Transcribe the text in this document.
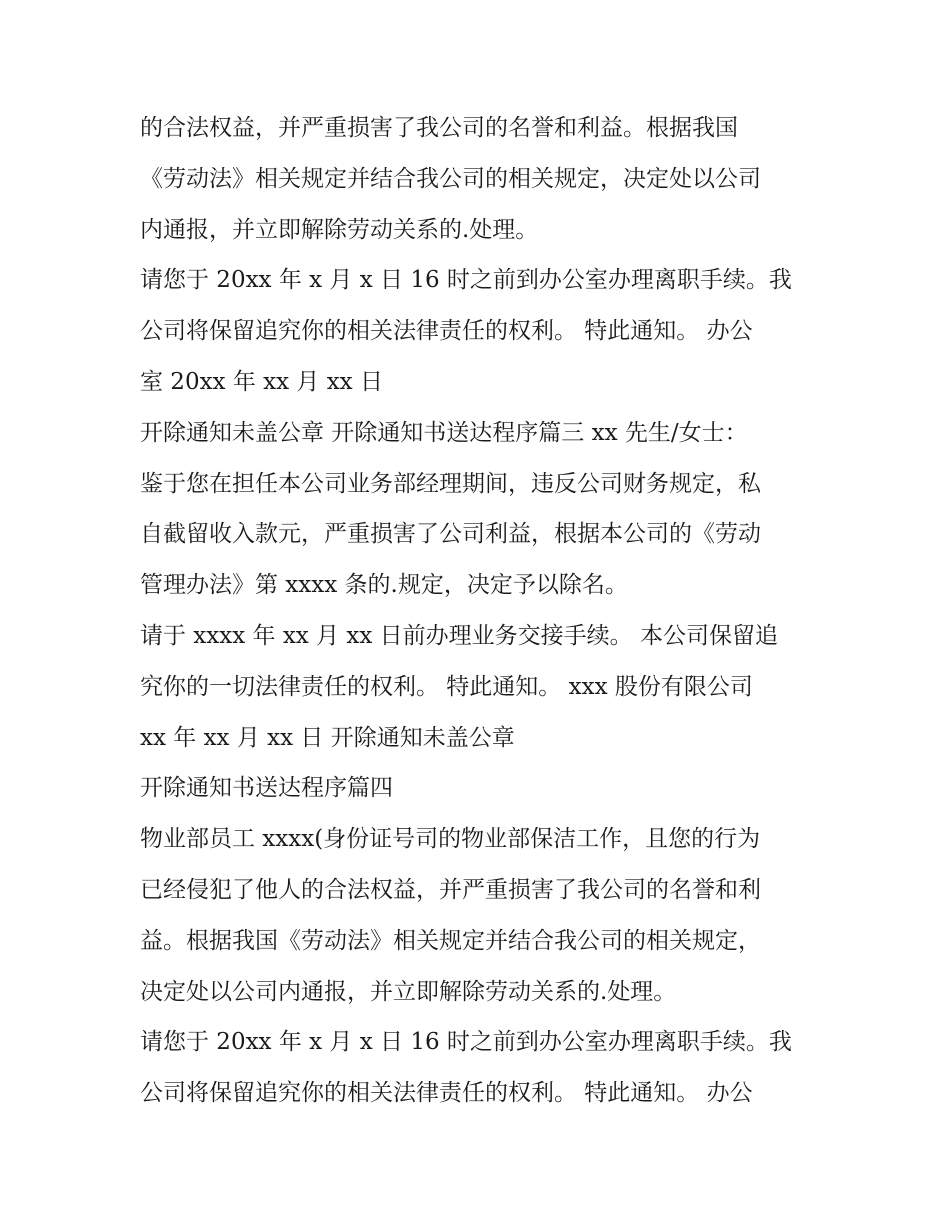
的合法权益，并严重损害了我公司的名誉和利益。根据我国
《劳动法》相关规定并结合我公司的相关规定，决定处以公司
内通报，并立即解除劳动关系的.处理。
请您于 20xx 年 x 月 x 日 16 时之前到办公室办理离职手续。我
公司将保留追究你的相关法律责任的权利。 特此通知。 办公
室 20xx 年 xx 月 xx 日
开除通知未盖公章 开除通知书送达程序篇三 xx 先生/女士：
鉴于您在担任本公司业务部经理期间，违反公司财务规定，私
自截留收入款元，严重损害了公司利益，根据本公司的《劳动
管理办法》第 xxxx 条的.规定，决定予以除名。
请于 xxxx 年 xx 月 xx 日前办理业务交接手续。 本公司保留追
究你的一切法律责任的权利。 特此通知。 xxx 股份有限公司
xx 年 xx 月 xx 日 开除通知未盖公章
开除通知书送达程序篇四
物业部员工 xxxx(身份证号司的物业部保洁工作，且您的行为
已经侵犯了他人的合法权益，并严重损害了我公司的名誉和利
益。根据我国《劳动法》相关规定并结合我公司的相关规定，
决定处以公司内通报，并立即解除劳动关系的.处理。
请您于 20xx 年 x 月 x 日 16 时之前到办公室办理离职手续。我
公司将保留追究你的相关法律责任的权利。 特此通知。 办公
